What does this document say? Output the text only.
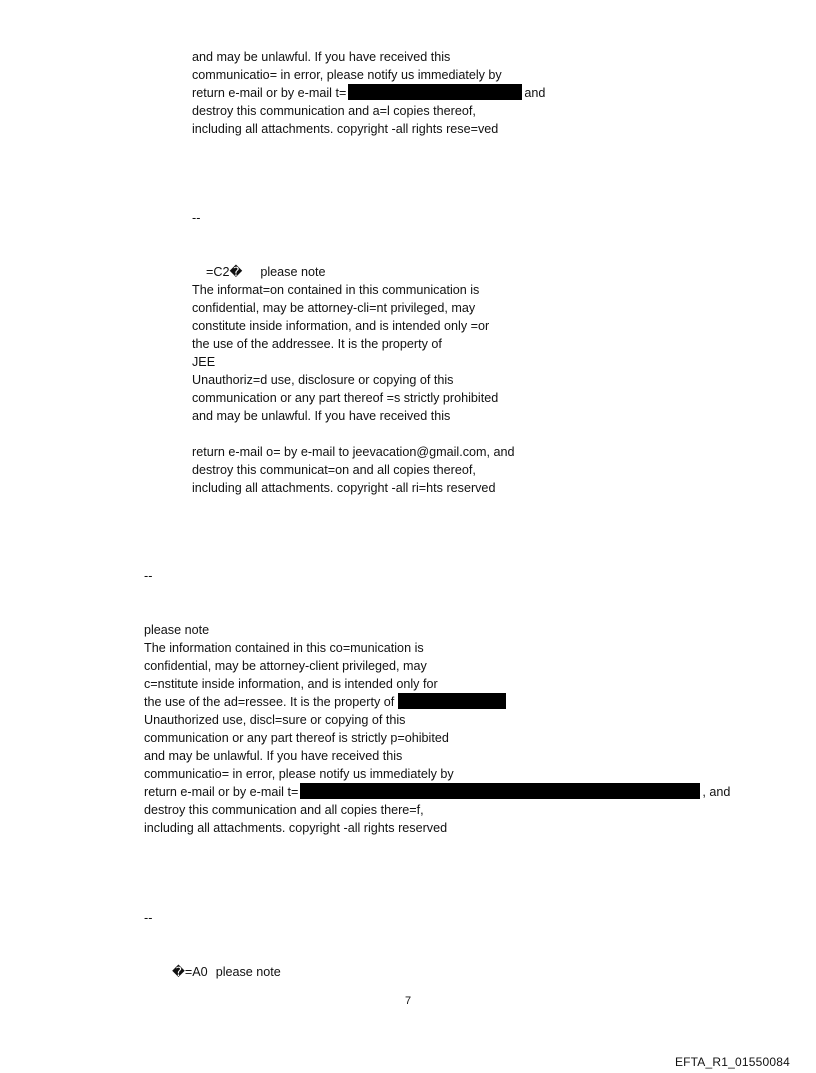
and may be unlawful. If you have received this
communicatio= in error, please notify us immediately by
return e-mail or by e-mail t=	and
destroy this communication and a=l copies thereof,
including all attachments. copyright -all rights rese=ved
--

=C2� please note

The informat=on contained in this communication is
confidential, may be attorney-cli=nt privileged, may
constitute inside information, and is intended only =or
the use of the addressee. It is the property of
JEE
Unauthoriz=d use, disclosure or copying of this
communication or any part thereof =s strictly prohibited
and may be unlawful. If you have received this
return e-mail o= by e-mail to jeevacation@gmail.com, and
destroy this communicat=on and all copies thereof,
including all attachments. copyright -all ri=hts reserved
--
please note
The information contained in this co=munication is
confidential, may be attorney-client privileged, may
c=nstitute inside information, and is intended only for
the use of the ad=ressee. It is the property of
Unauthorized use, discl=sure or copying of this
communication or any part thereof is strictly p=ohibited
and may be unlawful. If you have received this
communicatio= in error, please notify us immediately by
return e-mail or by e-mail t=	, and
destroy this communication and all copies there=f,
including all attachments. copyright -all rights reserved
--

�=A0 please note

7
EFTA_R1_01550084
